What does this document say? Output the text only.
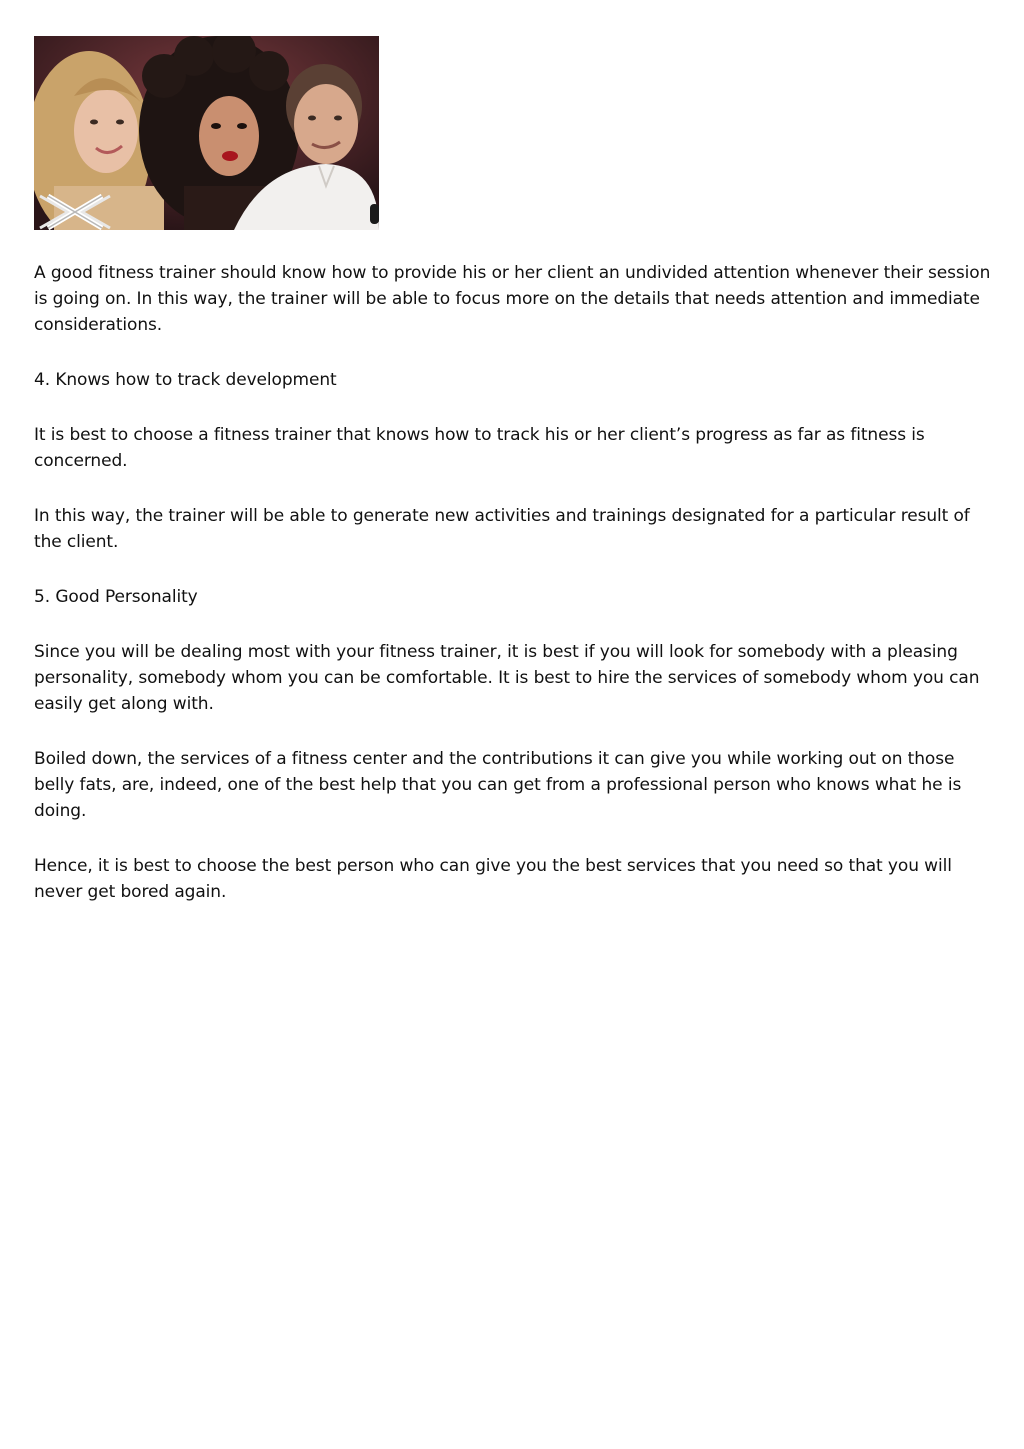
A good fitness trainer should know how to provide his or her client an undivided attention whenever their session is going on. In this way, the trainer will be able to focus more on the details that needs attention and immediate considerations.

4. Knows how to track development

It is best to choose a fitness trainer that knows how to track his or her client’s progress as far as fitness is concerned.

In this way, the trainer will be able to generate new activities and trainings designated for a particular result of the client.

5. Good Personality

Since you will be dealing most with your fitness trainer, it is best if you will look for somebody with a pleasing personality, somebody whom you can be comfortable. It is best to hire the services of somebody whom you can easily get along with.

Boiled down, the services of a fitness center and the contributions it can give you while working out on those belly fats, are, indeed, one of the best help that you can get from a professional person who knows what he is doing.

Hence, it is best to choose the best person who can give you the best services that you need so that you will never get bored again.
